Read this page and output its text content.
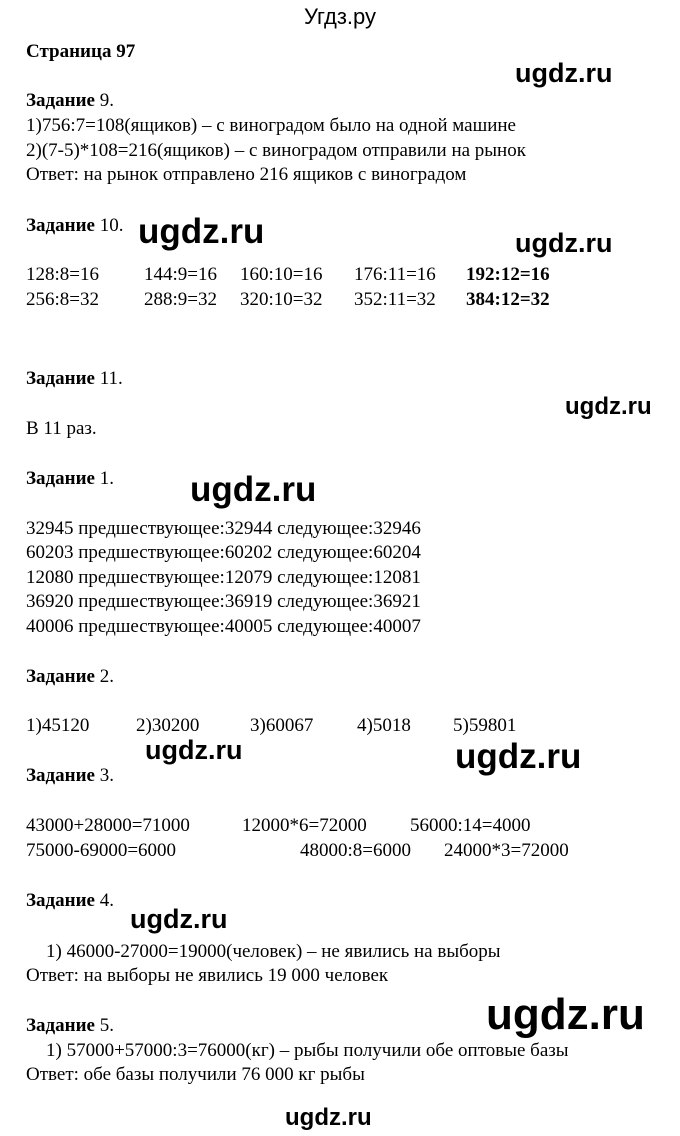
Угдз.ру
Страница 97
ugdz.ru
ugdz.ru	ugdz.ru
ugdz.ru
ugdz.ru
ugdz.ru	ugdz.ru
ugdz.ru
ugdz.ru
ugdz.ru
Задание 9.
1)756:7=108(ящиков) – с виноградом было на одной машине
2)(7-5)*108=216(ящиков) – с виноградом отправили на рынок
Ответ: на рынок отправлено 216 ящиков с виноградом
Задание 10.
128:8=16 144:9=16 160:10=16 176:11=16 192:12=16
256:8=32 288:9=32 320:10=32 352:11=32 384:12=32
Задание 11.
В 11 раз.
Задание 1.
32945 предшествующее:32944 следующее:32946
60203 предшествующее:60202 следующее:60204
12080 предшествующее:12079 следующее:12081
36920 предшествующее:36919 следующее:36921
40006 предшествующее:40005 следующее:40007
Задание 2.
1)45120 2)30200	3)60067 4)5018 5)59801
Задание 3.
43000+28000=71000	12000*6=72000 56000:14=4000
75000-69000=6000	48000:8=6000 24000*3=72000
Задание 4.
1) 46000-27000=19000(человек) – не явились на выборы
Ответ: на выборы не явились 19 000 человек
Задание 5.
1) 57000+57000:3=76000(кг) – рыбы получили обе оптовые базы
Ответ: обе базы получили 76 000 кг рыбы
